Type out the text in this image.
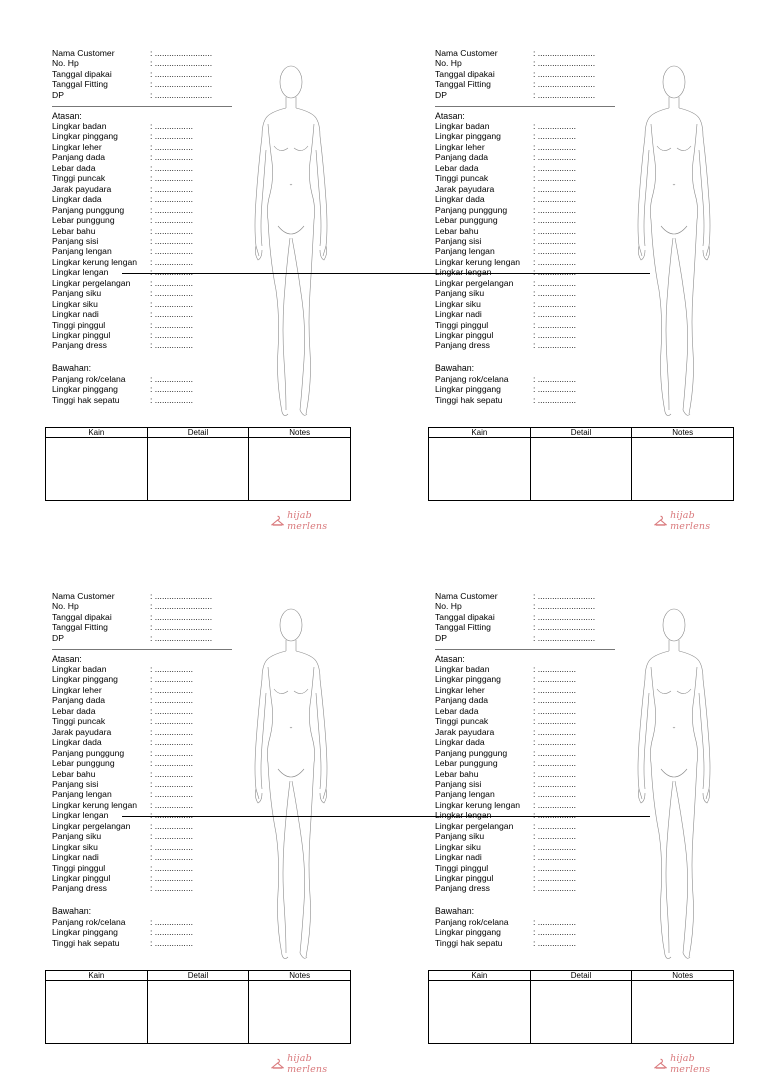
Nama Customer	: ........................
No. Hp	: ........................
Tanggal dipakai	: ........................
Tanggal Fitting	: ........................
DP	: ........................
Atasan:
Lingkar badan	: ................
Lingkar pinggang	: ................
Lingkar leher	: ................
Panjang dada	: ................
Lebar dada	: ................
Tinggi puncak	: ................
Jarak payudara	: ................
Lingkar dada	: ................
Panjang punggung	: ................
Lebar punggung	: ................
Lebar bahu	: ................
Panjang sisi	: ................
Panjang lengan	: ................
Lingkar kerung lengan : ................
Lingkar lengan	: ................
Lingkar pergelangan : ................
Panjang siku	: ................
Lingkar siku	: ................
Lingkar nadi	: ................
Tinggi pinggul	: ................
Lingkar pinggul	: ................
Panjang dress	: ................
Bawahan:
Panjang rok/celana	: ................
Lingkar pinggang	: ................
Tinggi hak sepatu	: ................
Kain	Detail	Notes
hijab merlens
Nama Customer	: ........................
No. Hp	: ........................
Tanggal dipakai	: ........................
Tanggal Fitting	: ........................
DP	: ........................
Atasan:
Lingkar badan	: ................
Lingkar pinggang	: ................
Lingkar leher	: ................
Panjang dada	: ................
Lebar dada	: ................
Tinggi puncak	: ................
Jarak payudara	: ................
Lingkar dada	: ................
Panjang punggung	: ................
Lebar punggung	: ................
Lebar bahu	: ................
Panjang sisi	: ................
Panjang lengan	: ................
Lingkar kerung lengan : ................
Lingkar lengan	: ................
Lingkar pergelangan : ................
Panjang siku	: ................
Lingkar siku	: ................
Lingkar nadi	: ................
Tinggi pinggul	: ................
Lingkar pinggul	: ................
Panjang dress	: ................
Bawahan:
Panjang rok/celana	: ................
Lingkar pinggang	: ................
Tinggi hak sepatu	: ................
Kain	Detail	Notes
hijab merlens
Nama Customer	: ........................
No. Hp	: ........................
Tanggal dipakai	: ........................
Tanggal Fitting	: ........................
DP	: ........................
Atasan:
Lingkar badan	: ................
Lingkar pinggang	: ................
Lingkar leher	: ................
Panjang dada	: ................
Lebar dada	: ................
Tinggi puncak	: ................
Jarak payudara	: ................
Lingkar dada	: ................
Panjang punggung	: ................
Lebar punggung	: ................
Lebar bahu	: ................
Panjang sisi	: ................
Panjang lengan	: ................
Lingkar kerung lengan : ................
Lingkar lengan	: ................
Lingkar pergelangan : ................
Panjang siku	: ................
Lingkar siku	: ................
Lingkar nadi	: ................
Tinggi pinggul	: ................
Lingkar pinggul	: ................
Panjang dress	: ................
Bawahan:
Panjang rok/celana	: ................
Lingkar pinggang	: ................
Tinggi hak sepatu	: ................
Kain	Detail	Notes
hijab merlens
Nama Customer	: ........................
No. Hp	: ........................
Tanggal dipakai	: ........................
Tanggal Fitting	: ........................
DP	: ........................
Atasan:
Lingkar badan	: ................
Lingkar pinggang	: ................
Lingkar leher	: ................
Panjang dada	: ................
Lebar dada	: ................
Tinggi puncak	: ................
Jarak payudara	: ................
Lingkar dada	: ................
Panjang punggung	: ................
Lebar punggung	: ................
Lebar bahu	: ................
Panjang sisi	: ................
Panjang lengan	: ................
Lingkar kerung lengan : ................
Lingkar lengan	: ................
Lingkar pergelangan : ................
Panjang siku	: ................
Lingkar siku	: ................
Lingkar nadi	: ................
Tinggi pinggul	: ................
Lingkar pinggul	: ................
Panjang dress	: ................
Bawahan:
Panjang rok/celana	: ................
Lingkar pinggang	: ................
Tinggi hak sepatu	: ................
Kain	Detail	Notes
hijab merlens
